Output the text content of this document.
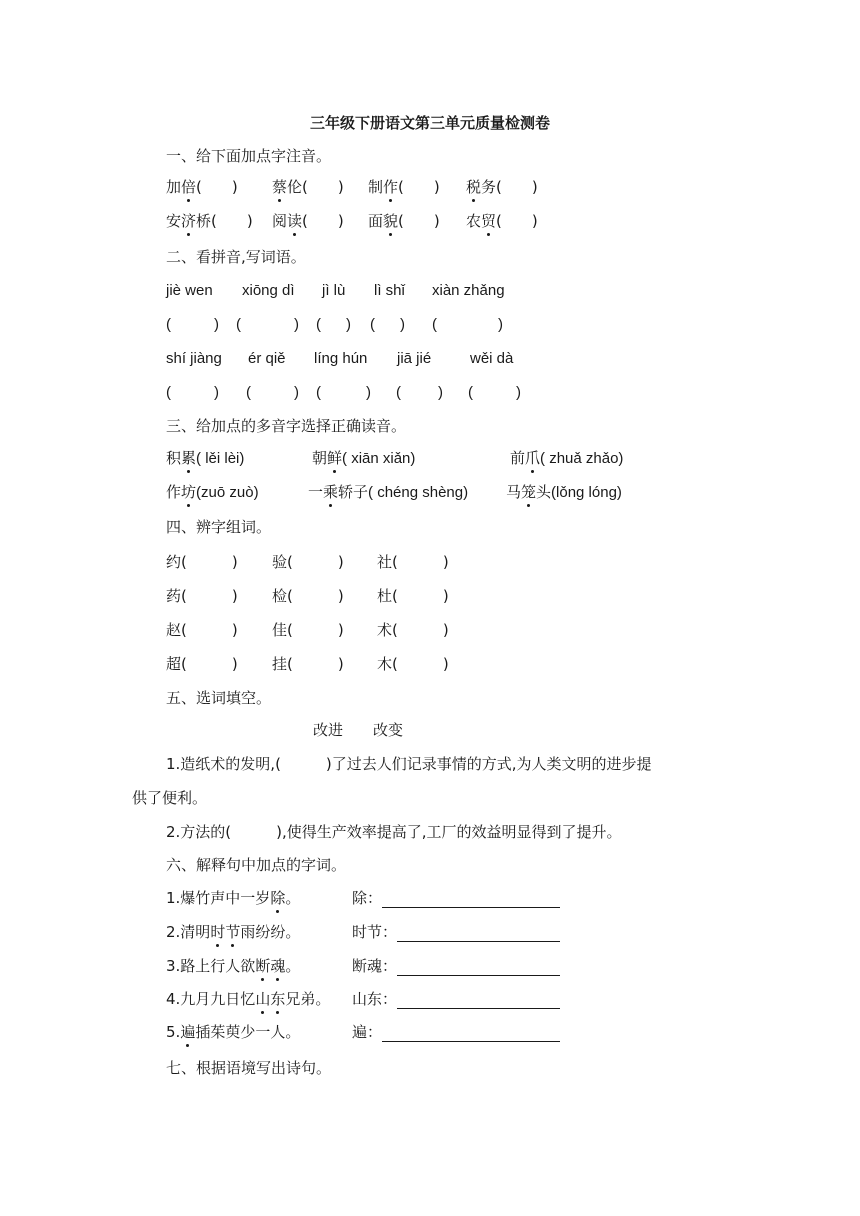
三年级下册语文第三单元质量检测卷
一、给下面加点字注音。
加倍(　　) 蔡伦(　　) 制作(　　) 税务(　　)
安济桥(　　) 阅读(　　) 面貌(　　) 农贸(　　)
二、看拼音,写词语。
jiè wen xiōng dì jì lù lì shǐ xiàn zhǎng
(	) (	) ( ) ( ) (	)
shí jiàng ér qiě líng hún jiā jié	wěi dà
(	) (	) (	) ( ) (	)
三、给加点的多音字选择正确读音。
积累( lěi lèi)	朝鲜( xiān xiǎn)	前爪( zhuǎ zhǎo)
作坊(zuō zuò)	一乘轿子( chéng shèng)	马笼头(lǒng lóng)
四、辨字组词。
约(　　　) 验(　　　) 社(　　　)
药(　　　) 检(　　　) 杜(　　　)
赵(　　　) 佳(　　　) 术(　　　)
超(　　　) 挂(　　　) 木(　　　)
五、选词填空。
改进　　改变
1.造纸术的发明,(　　　)了过去人们记录事情的方式,为人类文明的进步提
供了便利。
2.方法的(　　　),使得生产效率提高了,工厂的效益明显得到了提升。
六、解释句中加点的字词。
1.爆竹声中一岁除。	除：
2.清明时节雨纷纷。	时节：
3.路上行人欲断魂。	断魂：
4.九月九日忆山东兄弟。 山东：
5.遍插茱萸少一人。	遍：
七、根据语境写出诗句。
